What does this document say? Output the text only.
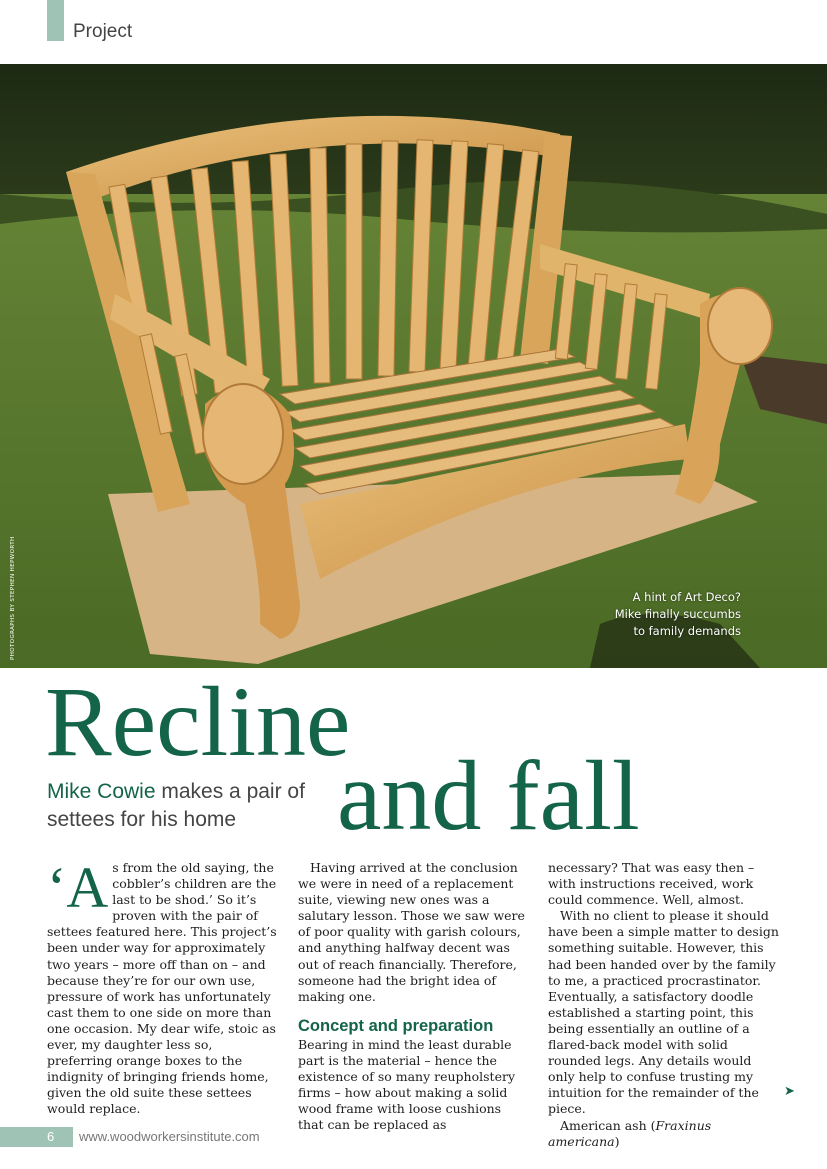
Project
A hint of Art Deco?
Mike finally succumbs
to family demands
PHOTOGRAPHS BY STEPHEN HEPWORTH
Recline
and fall
Mike Cowie makes a pair of settees for his home
‘A s from the old saying, the cobbler’s children are the last to be shod.’ So it’s proven with the pair of settees featured here. This project’s been under way for approximately two years – more off than on – and because they’re for our own use, pressure of work has unfortunately cast them to one side on more than one occasion. My dear wife, stoic as ever, my daughter less so, preferring orange boxes to the indignity of bringing friends home, given the old suite these settees would replace.

Having arrived at the conclusion we were in need of a replacement suite, viewing new ones was a salutary lesson. Those we saw were of poor quality with garish colours, and anything halfway decent was out of reach financially. Therefore, someone had the bright idea of making one.

Concept and preparation

Bearing in mind the least durable part is the material – hence the existence of so many reupholstery firms – how about making a solid wood frame with loose cushions that can be replaced as

necessary? That was easy then – with instructions received, work could commence. Well, almost.

With no client to please it should have been a simple matter to design something suitable. However, this had been handed over by the family to me, a practiced procrastinator. Eventually, a satisfactory doodle established a starting point, this being essentially an outline of a flared-back model with solid rounded legs. Any details would only help to confuse trusting my intuition for the remainder of the piece.

American ash (Fraxinus americana)

➤
6 www.woodworkersinstitute.com
